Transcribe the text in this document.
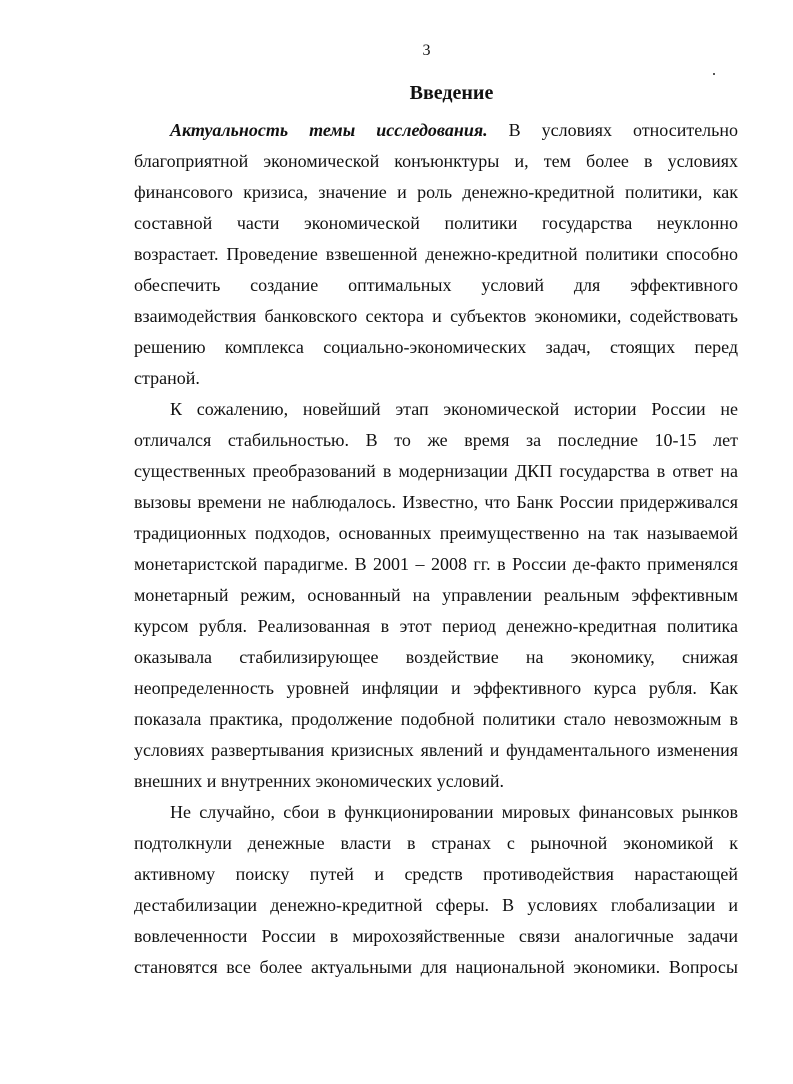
3
Введение
Актуальность темы исследования. В условиях относительно
благоприятной экономической конъюнктуры и, тем более в условиях
финансового кризиса, значение и роль денежно-кредитной политики, как
составной части экономической политики государства неуклонно
возрастает. Проведение взвешенной денежно-кредитной политики способно
обеспечить создание оптимальных условий для эффективного
взаимодействия банковского сектора и субъектов экономики, содействовать
решению комплекса социально-экономических задач, стоящих перед
страной.
К сожалению, новейший этап экономической истории России не
отличался стабильностью. В то же время за последние 10-15 лет
существенных преобразований в модернизации ДКП государства в ответ на
вызовы времени не наблюдалось. Известно, что Банк России придерживался
традиционных подходов, основанных преимущественно на так называемой
монетаристской парадигме. В 2001 – 2008 гг. в России де-факто применялся
монетарный режим, основанный на управлении реальным эффективным
курсом рубля. Реализованная в этот период денежно-кредитная политика
оказывала стабилизирующее воздействие на экономику, снижая
неопределенность уровней инфляции и эффективного курса рубля. Как
показала практика, продолжение подобной политики стало невозможным в
условиях развертывания кризисных явлений и фундаментального изменения
внешних и внутренних экономических условий.
Не случайно, сбои в функционировании мировых финансовых рынков
подтолкнули денежные власти в странах с рыночной экономикой к
активному поиску путей и средств противодействия нарастающей
дестабилизации денежно-кредитной сферы. В условиях глобализации и
вовлеченности России в мирохозяйственные связи аналогичные задачи
становятся все более актуальными для национальной экономики. Вопросы
